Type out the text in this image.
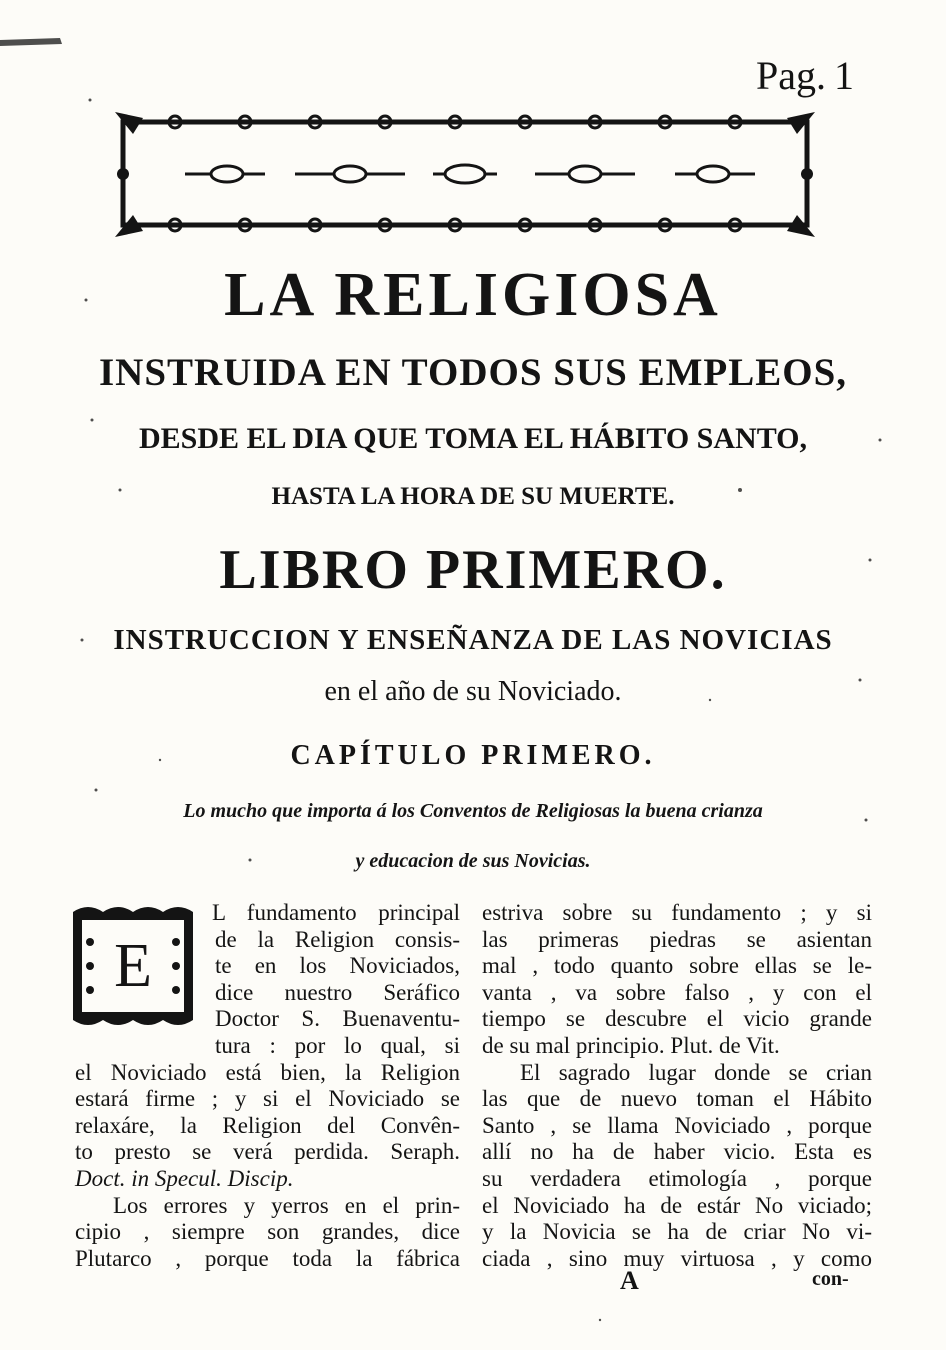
Pag. 1
LA RELIGIOSA
INSTRUIDA EN TODOS SUS EMPLEOS,
DESDE EL DIA QUE TOMA EL HÁBITO SANTO,
HASTA LA HORA DE SU MUERTE.
LIBRO PRIMERO.
INSTRUCCION Y ENSEÑANZA DE LAS NOVICIAS
en el año de su Noviciado.
CAPÍTULO PRIMERO.
Lo mucho que importa á los Conventos de Religiosas la buena crianza
y educacion de sus Novicias.
E
L fundamento principal
de la Religion consis-
te en los Noviciados,
dice nuestro Seráfico
Doctor S. Buenaventu-
tura : por lo qual, si
el Noviciado está bien, la Religion
estará firme ; y si el Noviciado se
relaxáre, la Religion del Convên-
to presto se verá perdida. Seraph.
Doct. in Specul. Discip.
Los errores y yerros en el prin-
cipio , siempre son grandes, dice
Plutarco , porque toda la fábrica
estriva sobre su fundamento ; y si
las primeras piedras se asientan
mal , todo quanto sobre ellas se le-
vanta , va sobre falso , y con el
tiempo se descubre el vicio grande
de su mal principio. Plut. de Vit.
El sagrado lugar donde se crian
las que de nuevo toman el Hábito
Santo , se llama Noviciado , porque
allí no ha de haber vicio. Esta es
su verdadera etimología , porque
el Noviciado ha de estár No viciado;
y la Novicia se ha de criar No vi-
ciada , sino muy virtuosa , y como
A	con-
